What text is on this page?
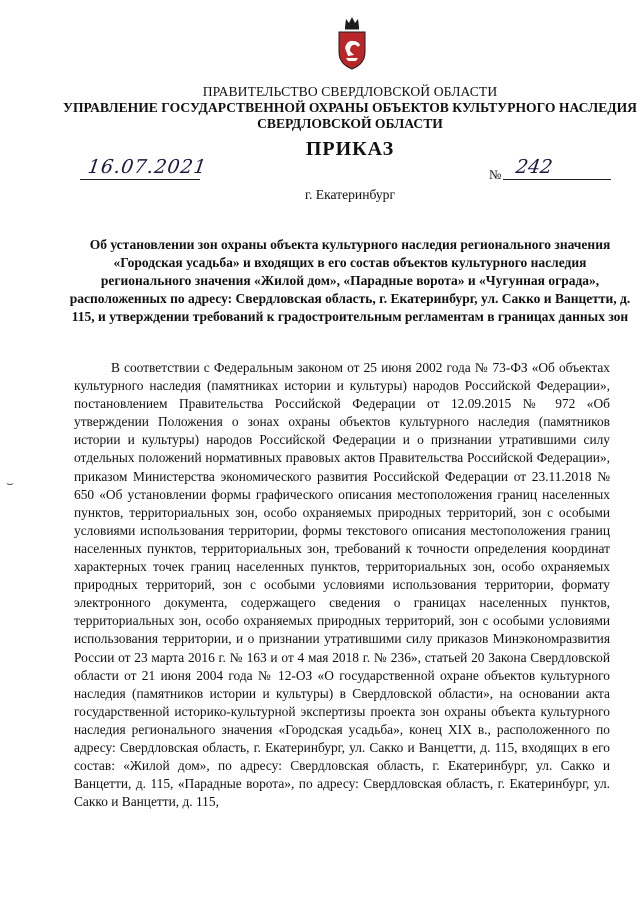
ПРАВИТЕЛЬСТВО СВЕРДЛОВСКОЙ ОБЛАСТИ
УПРАВЛЕНИЕ ГОСУДАРСТВЕННОЙ ОХРАНЫ ОБЪЕКТОВ КУЛЬТУРНОГО НАСЛЕДИЯ СВЕРДЛОВСКОЙ ОБЛАСТИ
ПРИКАЗ
16.07.2021	№ 242
г. Екатеринбург
Об установлении зон охраны объекта культурного наследия регионального значения «Городская усадьба» и входящих в его состав объектов культурного наследия регионального значения «Жилой дом», «Парадные ворота» и «Чугунная ограда», расположенных по адресу: Свердловская область, г. Екатеринбург, ул. Сакко и Ванцетти, д. 115, и утверждении требований к градостроительным регламентам в границах данных зон
В соответствии с Федеральным законом от 25 июня 2002 года № 73-ФЗ «Об объектах культурного наследия (памятниках истории и культуры) народов Российской Федерации», постановлением Правительства Российской Федерации от 12.09.2015 № 972 «Об утверждении Положения о зонах охраны объектов культурного наследия (памятников истории и культуры) народов Российской Федерации и о признании утратившими силу отдельных положений нормативных правовых актов Правительства Российской Федерации», приказом Министерства экономического развития Российской Федерации от 23.11.2018 № 650 «Об установлении формы графического описания местоположения границ населенных пунктов, территориальных зон, особо охраняемых природных территорий, зон с особыми условиями использования территории, формы текстового описания местоположения границ населенных пунктов, территориальных зон, требований к точности определения координат характерных точек границ населенных пунктов, территориальных зон, особо охраняемых природных территорий, зон с особыми условиями использования территории, формату электронного документа, содержащего сведения о границах населенных пунктов, территориальных зон, особо охраняемых природных территорий, зон с особыми условиями использования территории, и о признании утратившими силу приказов Минэкономразвития России от 23 марта 2016 г. № 163 и от 4 мая 2018 г. № 236», статьей 20 Закона Свердловской области от 21 июня 2004 года № 12-ОЗ «О государственной охране объектов культурного наследия (памятников истории и культуры) в Свердловской области», на основании акта государственной историко-культурной экспертизы проекта зон охраны объекта культурного наследия регионального значения «Городская усадьба», конец XIX в., расположенного по адресу: Свердловская область, г. Екатеринбург, ул. Сакко и Ванцетти, д. 115, входящих в его состав: «Жилой дом», по адресу: Свердловская область, г. Екатеринбург, ул. Сакко и Ванцетти, д. 115, «Парадные ворота», по адресу: Свердловская область, г. Екатеринбург, ул. Сакко и Ванцетти, д. 115,
⌣
